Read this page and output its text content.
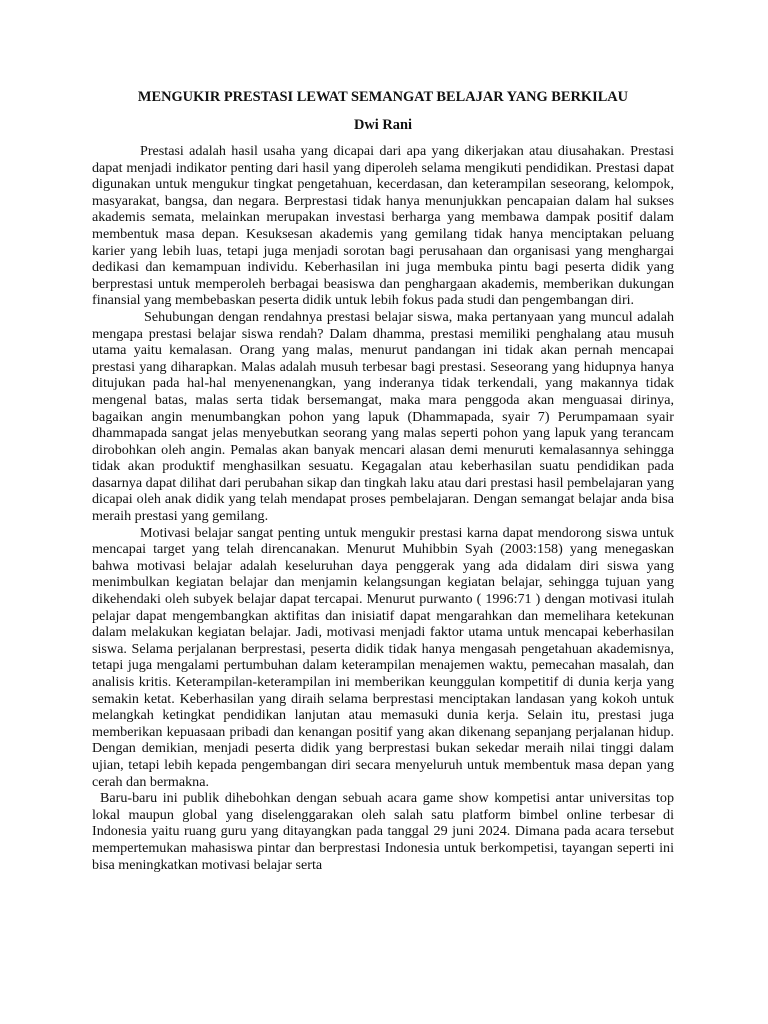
MENGUKIR PRESTASI LEWAT SEMANGAT BELAJAR YANG BERKILAU
Dwi Rani

Prestasi adalah hasil usaha yang dicapai dari apa yang dikerjakan atau diusahakan. Prestasi dapat menjadi indikator penting dari hasil yang diperoleh selama mengikuti pendidikan. Prestasi dapat digunakan untuk mengukur tingkat pengetahuan, kecerdasan, dan keterampilan seseorang, kelompok, masyarakat, bangsa, dan negara. Berprestasi tidak hanya menunjukkan pencapaian dalam hal sukses akademis semata, melainkan merupakan investasi berharga yang membawa dampak positif dalam membentuk masa depan. Kesuksesan akademis yang gemilang tidak hanya menciptakan peluang karier yang lebih luas, tetapi juga menjadi sorotan bagi perusahaan dan organisasi yang menghargai dedikasi dan kemampuan individu. Keberhasilan ini juga membuka pintu bagi peserta didik yang berprestasi untuk memperoleh berbagai beasiswa dan penghargaan akademis, memberikan dukungan finansial yang membebaskan peserta didik untuk lebih fokus pada studi dan pengembangan diri.

Sehubungan dengan rendahnya prestasi belajar siswa, maka pertanyaan yang muncul adalah mengapa prestasi belajar siswa rendah? Dalam dhamma, prestasi memiliki penghalang atau musuh utama yaitu kemalasan. Orang yang malas, menurut pandangan ini tidak akan pernah mencapai prestasi yang diharapkan. Malas adalah musuh terbesar bagi prestasi. Seseorang yang hidupnya hanya ditujukan pada hal-hal menyenenangkan, yang inderanya tidak terkendali, yang makannya tidak mengenal batas, malas serta tidak bersemangat, maka mara penggoda akan menguasai dirinya, bagaikan angin menumbangkan pohon yang lapuk (Dhammapada, syair 7) Perumpamaan syair dhammapada sangat jelas menyebutkan seorang yang malas seperti pohon yang lapuk yang terancam dirobohkan oleh angin. Pemalas akan banyak mencari alasan demi menuruti kemalasannya sehingga tidak akan produktif menghasilkan sesuatu. Kegagalan atau keberhasilan suatu pendidikan pada dasarnya dapat dilihat dari perubahan sikap dan tingkah laku atau dari prestasi hasil pembelajaran yang dicapai oleh anak didik yang telah mendapat proses pembelajaran. Dengan semangat belajar anda bisa meraih prestasi yang gemilang.

Motivasi belajar sangat penting untuk mengukir prestasi karna dapat mendorong siswa untuk mencapai target yang telah direncanakan. Menurut Muhibbin Syah (2003:158) yang menegaskan bahwa motivasi belajar adalah keseluruhan daya penggerak yang ada didalam diri siswa yang menimbulkan kegiatan belajar dan menjamin kelangsungan kegiatan belajar, sehingga tujuan yang dikehendaki oleh subyek belajar dapat tercapai. Menurut purwanto ( 1996:71 ) dengan motivasi itulah pelajar dapat mengembangkan aktifitas dan inisiatif dapat mengarahkan dan memelihara ketekunan dalam melakukan kegiatan belajar. Jadi, motivasi menjadi faktor utama untuk mencapai keberhasilan siswa. Selama perjalanan berprestasi, peserta didik tidak hanya mengasah pengetahuan akademisnya, tetapi juga mengalami pertumbuhan dalam keterampilan menajemen waktu, pemecahan masalah, dan analisis kritis. Keterampilan-keterampilan ini memberikan keunggulan kompetitif di dunia kerja yang semakin ketat. Keberhasilan yang diraih selama berprestasi menciptakan landasan yang kokoh untuk melangkah ketingkat pendidikan lanjutan atau memasuki dunia kerja. Selain itu, prestasi juga memberikan kepuasaan pribadi dan kenangan positif yang akan dikenang sepanjang perjalanan hidup. Dengan demikian, menjadi peserta didik yang berprestasi bukan sekedar meraih nilai tinggi dalam ujian, tetapi lebih kepada pengembangan diri secara menyeluruh untuk membentuk masa depan yang cerah dan bermakna.

Baru-baru ini publik dihebohkan dengan sebuah acara game show kompetisi antar universitas top lokal maupun global yang diselenggarakan oleh salah satu platform bimbel online terbesar di Indonesia yaitu ruang guru yang ditayangkan pada tanggal 29 juni 2024. Dimana pada acara tersebut mempertemukan mahasiswa pintar dan berprestasi Indonesia untuk berkompetisi, tayangan seperti ini bisa meningkatkan motivasi belajar serta
